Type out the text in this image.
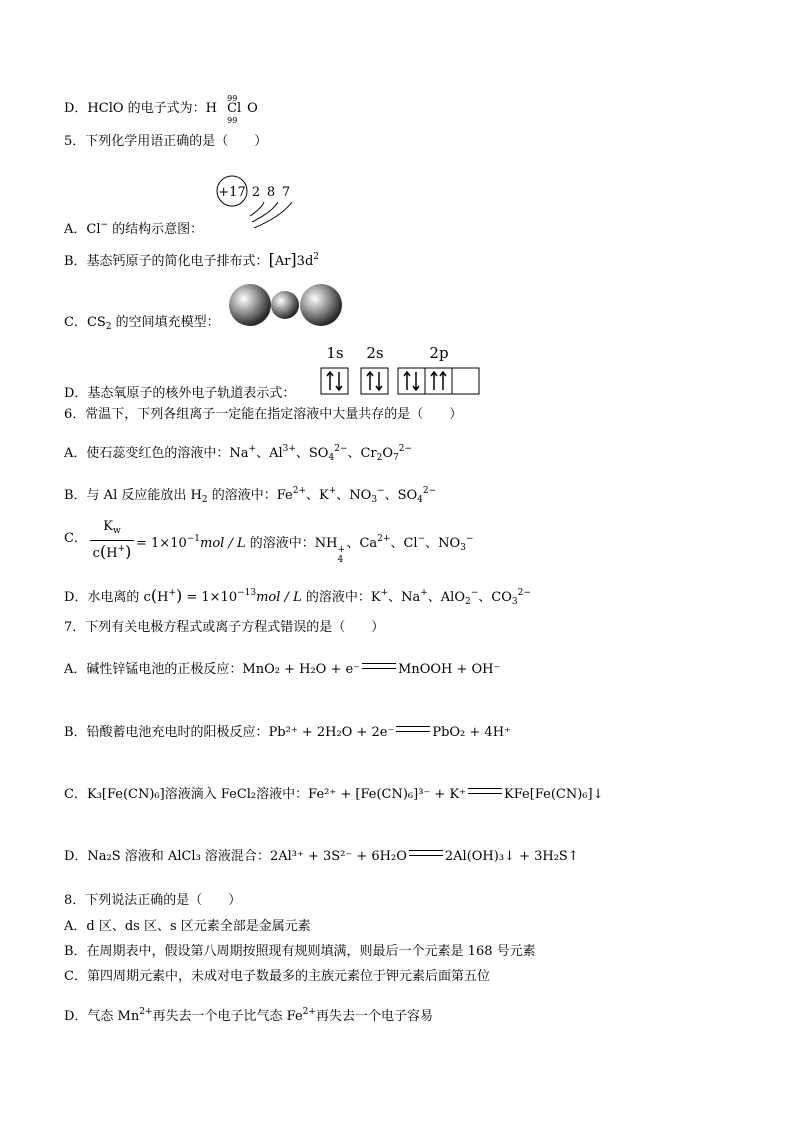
D．HClO 的电子式为：H Cl
99
99
O
5．下列化学用语正确的是（　　）
+17 2 8 7
A．Cl− 的结构示意图：
B．基态钙原子的简化电子排布式：$[Ar]3d^2$
C．$CS_2$ 的空间填充模型：
1s 2s	2p
D．基态氧原子的核外电子轨道表示式：
6．常温下，下列各组离子一定能在指定溶液中大量共存的是（　　）
A．使石蕊变红色的溶液中：Na+、$Al^{3+}$、$SO_4^{2-}$、$Cr_2O_7^{2-}$
B．与 Al 反应能放出 $H_2$ 的溶液中：$Fe^{2+}$、K+、$NO_3^-$、$SO_4^{2-}$
C．
$K_w$
$c(H^+) = 1\times 10^{-1}mol / L$ 的溶液中：NH +
4
、$Ca^{2+}$、Cl−、$NO_3^-$
D．水电离的 $c(H^+) = 1\times 10^{-13}mol / L$ 的溶液中：K+、Na+、AlO$_2$−、$CO_3^{2-}$
7．下列有关电极方程式或离子方程式错误的是（　　）
A．碱性锌锰电池的正极反应：MnO₂ + H₂O + e⁻	MnOOH + OH⁻
B．铅酸蓄电池充电时的阳极反应：Pb²⁺ + 2H₂O + 2e⁻	PbO₂ + 4H⁺
C．K₃[Fe(CN)₆]溶液滴入 FeCl₂溶液中：Fe²⁺ + [Fe(CN)₆]³⁻ + K⁺	KFe[Fe(CN)₆]↓
D．Na₂S 溶液和 AlCl₃ 溶液混合：2Al³⁺ + 3S²⁻ + 6H₂O	2Al(OH)₃↓ + 3H₂S↑
8．下列说法正确的是（　　）
A．d 区、ds 区、s 区元素全部是金属元素
B．在周期表中，假设第八周期按照现有规则填满，则最后一个元素是 168 号元素
C．第四周期元素中，未成对电子数最多的主族元素位于钾元素后面第五位
D．气态 $Mn^{2+}$再失去一个电子比气态 $Fe^{2+}$再失去一个电子容易
